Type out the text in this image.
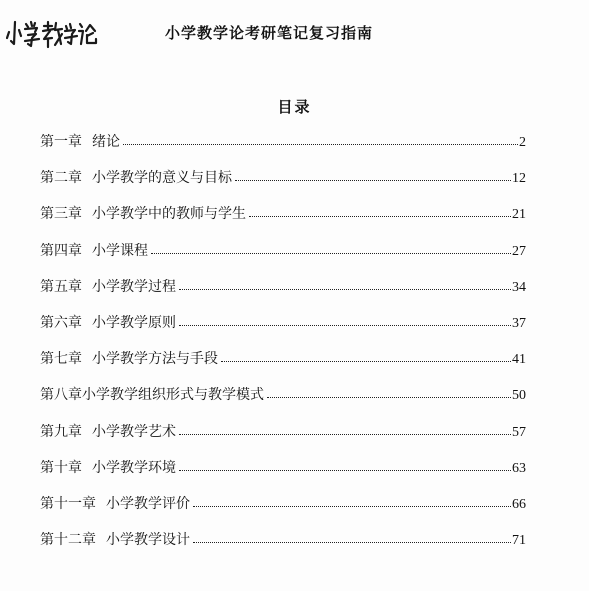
小学教学论考研笔记复习指南
目录
第一章 绪论	2
第二章 小学教学的意义与目标	12
第三章 小学教学中的教师与学生	21
第四章 小学课程	27
第五章 小学教学过程	34
第六章 小学教学原则	37
第七章 小学教学方法与手段	41
第八章 小学教学组织形式与教学模式	50
第九章 小学教学艺术	57
第十章 小学教学环境	63
第十一章 小学教学评价	66
第十二章 小学教学设计	71
